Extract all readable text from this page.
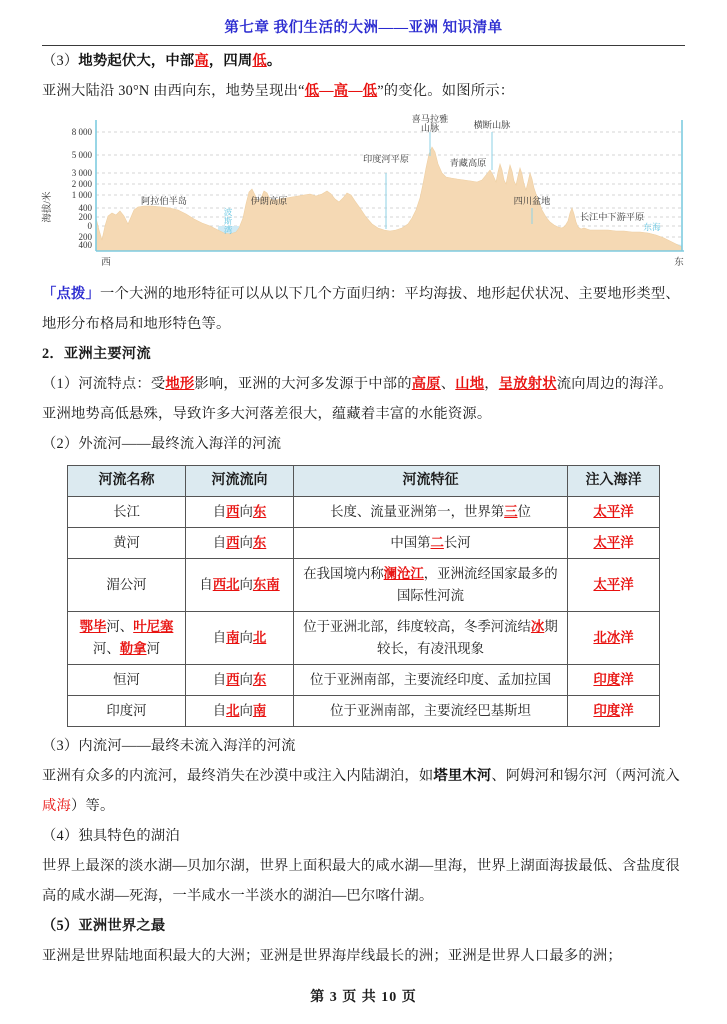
第七章 我们生活的大洲——亚洲 知识清单

（3）地势起伏大，中部高，四周低。

亚洲大陆沿 30°N 由西向东，地势呈现出“低—高—低”的变化。如图所示：

海拔/米
8 000
5 000
3 000
2 000
1 000
400
200
0
200
400
阿拉伯半岛	伊朗高原
印度河平原
喜马拉雅
山脉	横断山脉
青藏高原
四川盆地
长江中下游平原
波
斯
湾	东海
西	东

「点拨」一个大洲的地形特征可以从以下几个方面归纳：平均海拔、地形起伏状况、主要地形类型、地形分布格局和地形特色等。

2．亚洲主要河流

（1）河流特点：受地形影响，亚洲的大河多发源于中部的高原、山地，呈放射状流向周边的海洋。

亚洲地势高低悬殊，导致许多大河落差很大，蕴藏着丰富的水能资源。

（2）外流河——最终流入海洋的河流

河流名称	河流流向	河流特征	注入海洋
长江	自西向东	长度、流量亚洲第一，世界第三位	太平洋
黄河	自西向东	中国第二长河	太平洋
湄公河	自西北向东南	在我国境内称澜沧江，亚洲流经国家最多的国际性河流	太平洋
鄂毕河、叶尼塞河、勒拿河	自南向北	位于亚洲北部，纬度较高，冬季河流结冰期较长，有凌汛现象	北冰洋
恒河	自西向东	位于亚洲南部，主要流经印度、孟加拉国	印度洋
印度河	自北向南	位于亚洲南部，主要流经巴基斯坦	印度洋

（3）内流河——最终未流入海洋的河流

亚洲有众多的内流河，最终消失在沙漠中或注入内陆湖泊，如塔里木河、阿姆河和锡尔河（两河流入咸海）等。

（4）独具特色的湖泊

世界上最深的淡水湖—贝加尔湖，世界上面积最大的咸水湖—里海，世界上湖面海拔最低、含盐度很高的咸水湖—死海，一半咸水一半淡水的湖泊—巴尔喀什湖。

（5）亚洲世界之最

亚洲是世界陆地面积最大的大洲；亚洲是世界海岸线最长的洲；亚洲是世界人口最多的洲；

第 3 页 共 10 页
